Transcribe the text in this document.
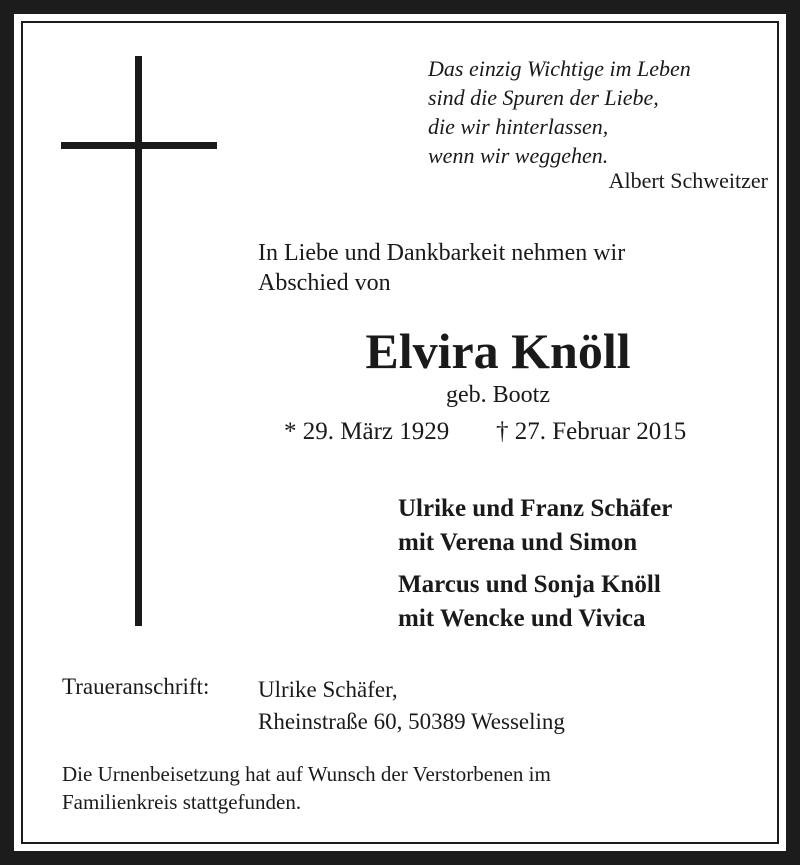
Das einzig Wichtige im Leben
sind die Spuren der Liebe,
die wir hinterlassen,
wenn wir weggehen.
Albert Schweitzer
In Liebe und Dankbarkeit nehmen wir
Abschied von
Elvira Knöll
geb. Bootz
* 29. März 1929 † 27. Februar 2015
Ulrike und Franz Schäfer
mit Verena und Simon
Marcus und Sonja Knöll
mit Wencke und Vivica
Traueranschrift: Ulrike Schäfer,
Rheinstraße 60, 50389 Wesseling
Die Urnenbeisetzung hat auf Wunsch der Verstorbenen im
Familienkreis stattgefunden.
